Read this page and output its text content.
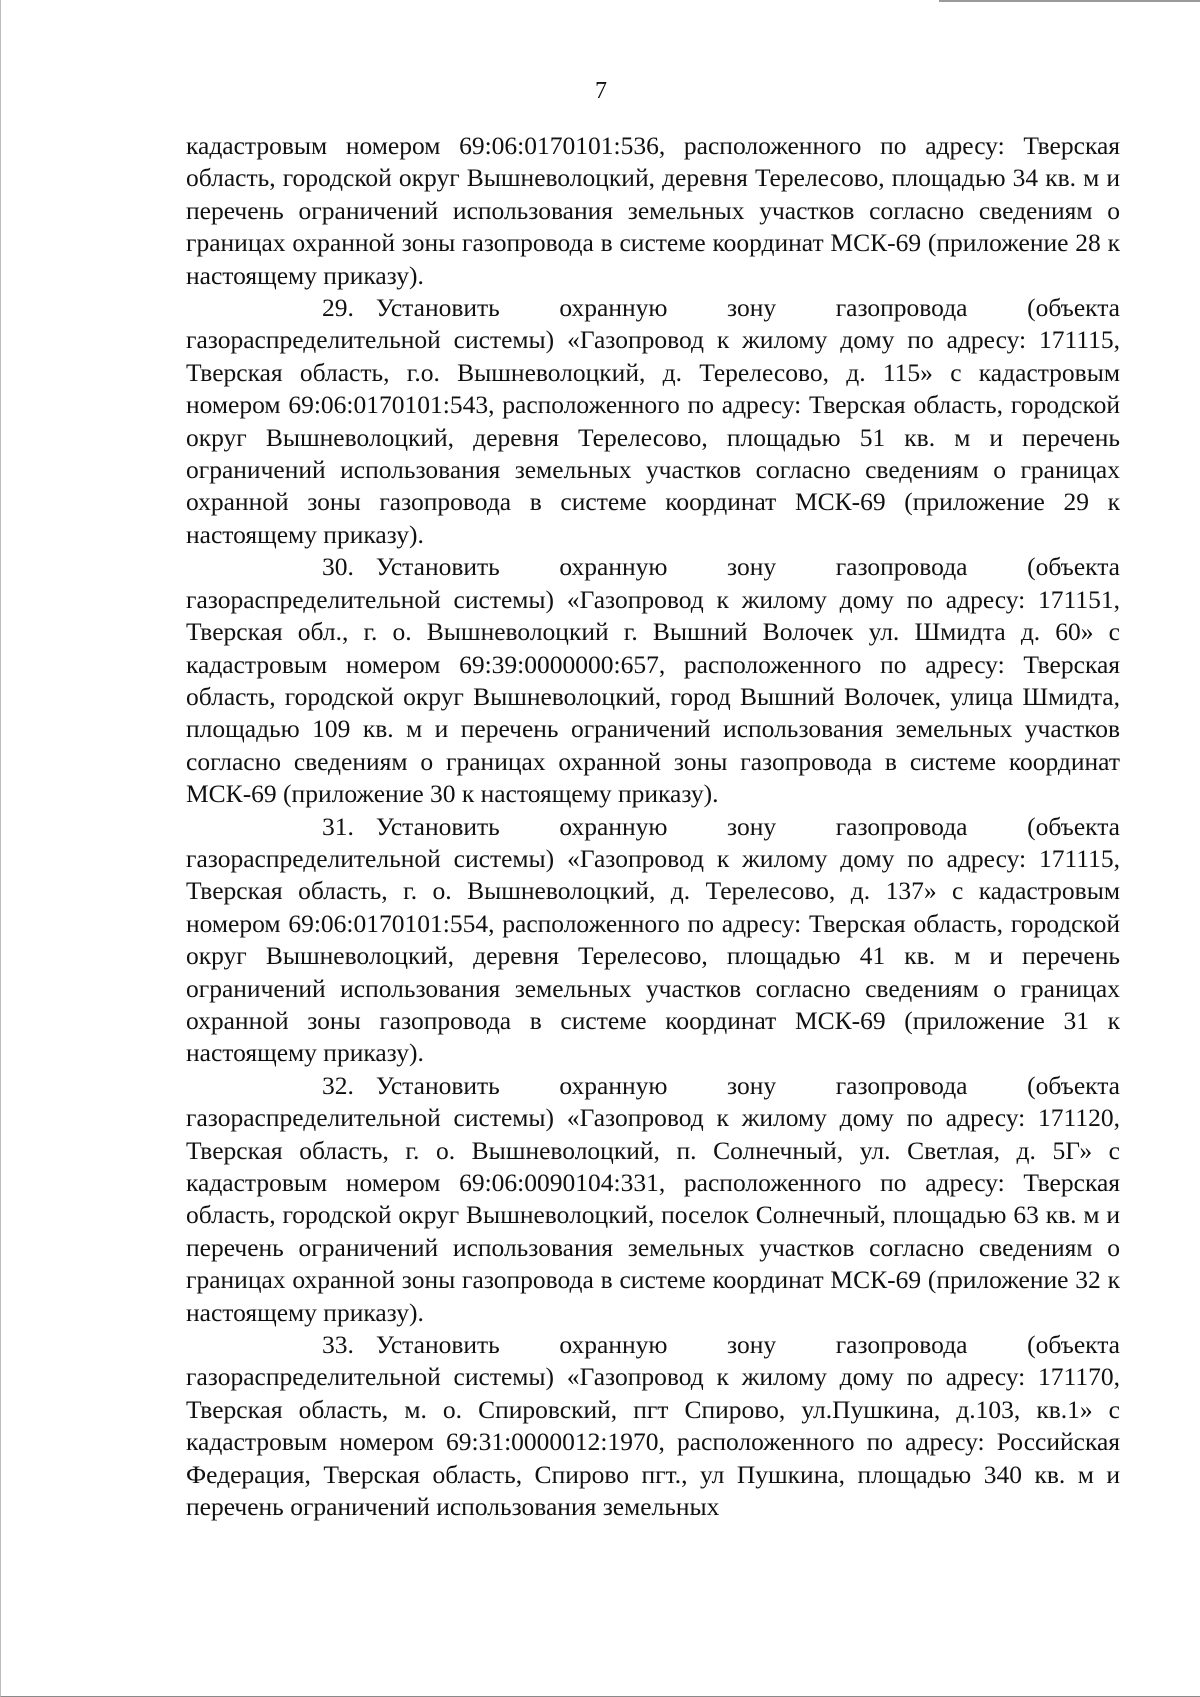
7

кадастровым номером 69:06:0170101:536, расположенного по адресу: Тверская область, городской округ Вышневолоцкий, деревня Терелесово, площадью 34 кв. м и перечень ограничений использования земельных участков согласно сведениям о границах охранной зоны газопровода в системе координат МСК-69 (приложение 28 к настоящему приказу).

29. Установить охранную зону газопровода (объекта газораспределительной системы) «Газопровод к жилому дому по адресу: 171115, Тверская область, г.о. Вышневолоцкий, д. Терелесово, д. 115» с кадастровым номером 69:06:0170101:543, расположенного по адресу: Тверская область, городской округ Вышневолоцкий, деревня Терелесово, площадью 51 кв. м и перечень ограничений использования земельных участков согласно сведениям о границах охранной зоны газопровода в системе координат МСК-69 (приложение 29 к настоящему приказу).

30. Установить охранную зону газопровода (объекта газораспределительной системы) «Газопровод к жилому дому по адресу: 171151, Тверская обл., г. о. Вышневолоцкий г. Вышний Волочек ул. Шмидта д. 60» с кадастровым номером 69:39:0000000:657, расположенного по адресу: Тверская область, городской округ Вышневолоцкий, город Вышний Волочек, улица Шмидта, площадью 109 кв. м и перечень ограничений использования земельных участков согласно сведениям о границах охранной зоны газопровода в системе координат МСК-69 (приложение 30 к настоящему приказу).

31. Установить охранную зону газопровода (объекта газораспределительной системы) «Газопровод к жилому дому по адресу: 171115, Тверская область, г. о. Вышневолоцкий, д. Терелесово, д. 137» с кадастровым номером 69:06:0170101:554, расположенного по адресу: Тверская область, городской округ Вышневолоцкий, деревня Терелесово, площадью 41 кв. м и перечень ограничений использования земельных участков согласно сведениям о границах охранной зоны газопровода в системе координат МСК-69 (приложение 31 к настоящему приказу).

32. Установить охранную зону газопровода (объекта газораспределительной системы) «Газопровод к жилому дому по адресу: 171120, Тверская область, г. о. Вышневолоцкий, п. Солнечный, ул. Светлая, д. 5Г» с кадастровым номером 69:06:0090104:331, расположенного по адресу: Тверская область, городской округ Вышневолоцкий, поселок Солнечный, площадью 63 кв. м и перечень ограничений использования земельных участков согласно сведениям о границах охранной зоны газопровода в системе координат МСК-69 (приложение 32 к настоящему приказу).

33. Установить охранную зону газопровода (объекта газораспределительной системы) «Газопровод к жилому дому по адресу: 171170, Тверская область, м. о. Спировский, пгт Спирово, ул.Пушкина, д.103, кв.1» с кадастровым номером 69:31:0000012:1970, расположенного по адресу: Российская Федерация, Тверская область, Спирово пгт., ул Пушкина, площадью 340 кв. м и перечень ограничений использования земельных
